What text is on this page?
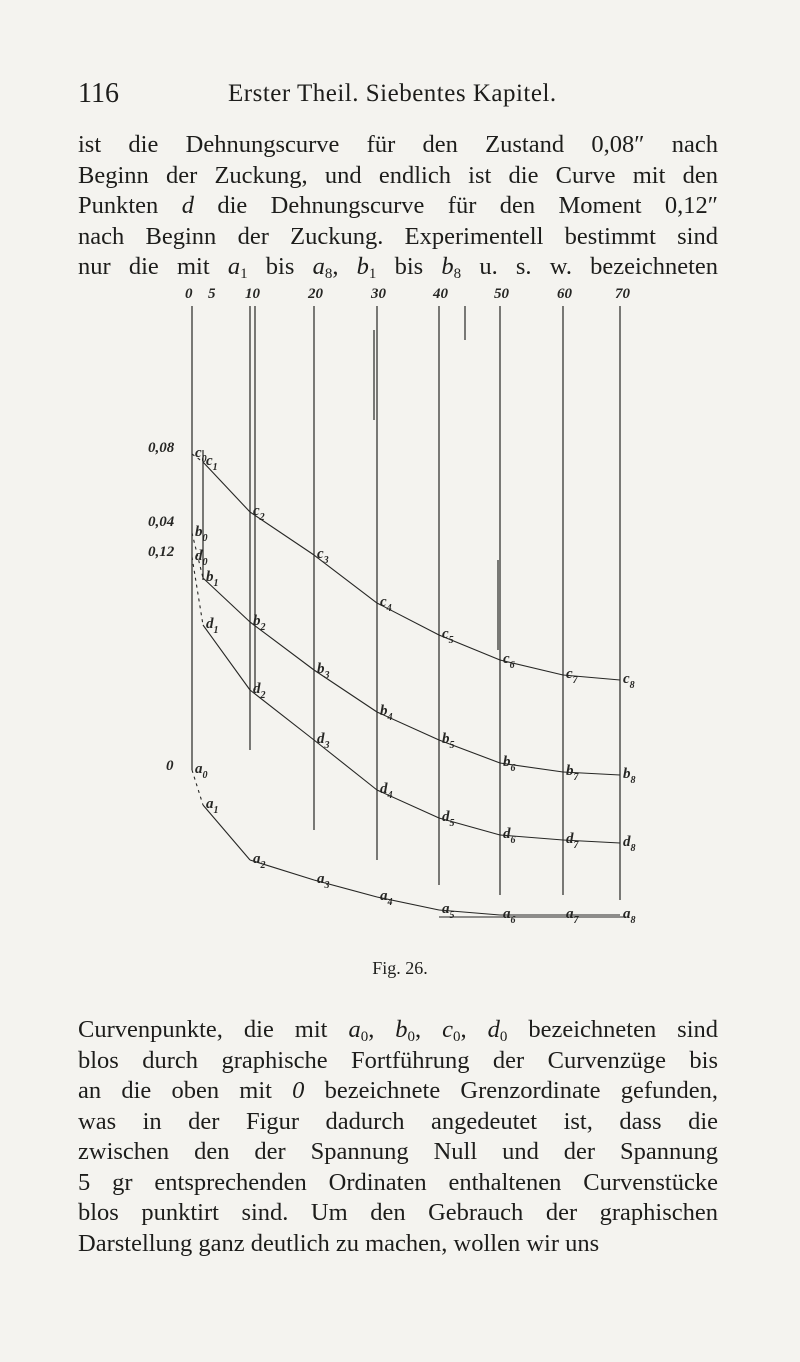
116	Erster Theil. Siebentes Kapitel.
ist die Dehnungscurve für den Zustand 0,08″ nach
Beginn der Zuckung, und endlich ist die Curve mit den
Punkten d die Dehnungscurve für den Moment 0,12″
nach Beginn der Zuckung. Experimentell bestimmt sind
nur die mit $a_1$ bis $a_8$, $b_1$ bis $b_8$ u. s. w. bezeichneten
0 5 10	20	30	40	50	60	70
0,08
0,04
0,12
0
$c_0$ $c_1$
$c_2$
$c_3$
$c_4$
$c_5$
$c_6$
$c_7$	$c_8$
$b_0$
$b_1$
$b_2$
$b_3$
$b_4$
$b_5$
$b_6$	$b_7$	$b_8$
$d_0$
$d_1$
$d_2$
$d_3$
$d_4$
$d_5$
$d_6$	$d_7$	$d_8$
$a_0$
$a_1$
$a_2$
$a_3$
$a_4$	$a_5$	$a_6$	$a_7$	$a_8$
Fig. 26.
Curvenpunkte, die mit $a_0$, $b_0$, $c_0$, $d_0$ bezeichneten sind
blos durch graphische Fortführung der Curvenzüge bis
an die oben mit 0 bezeichnete Grenzordinate gefunden,
was in der Figur dadurch angedeutet ist, dass die
zwischen den der Spannung Null und der Spannung
5 gr entsprechenden Ordinaten enthaltenen Curvenstücke
blos punktirt sind. Um den Gebrauch der graphischen
Darstellung ganz deutlich zu machen, wollen wir uns
